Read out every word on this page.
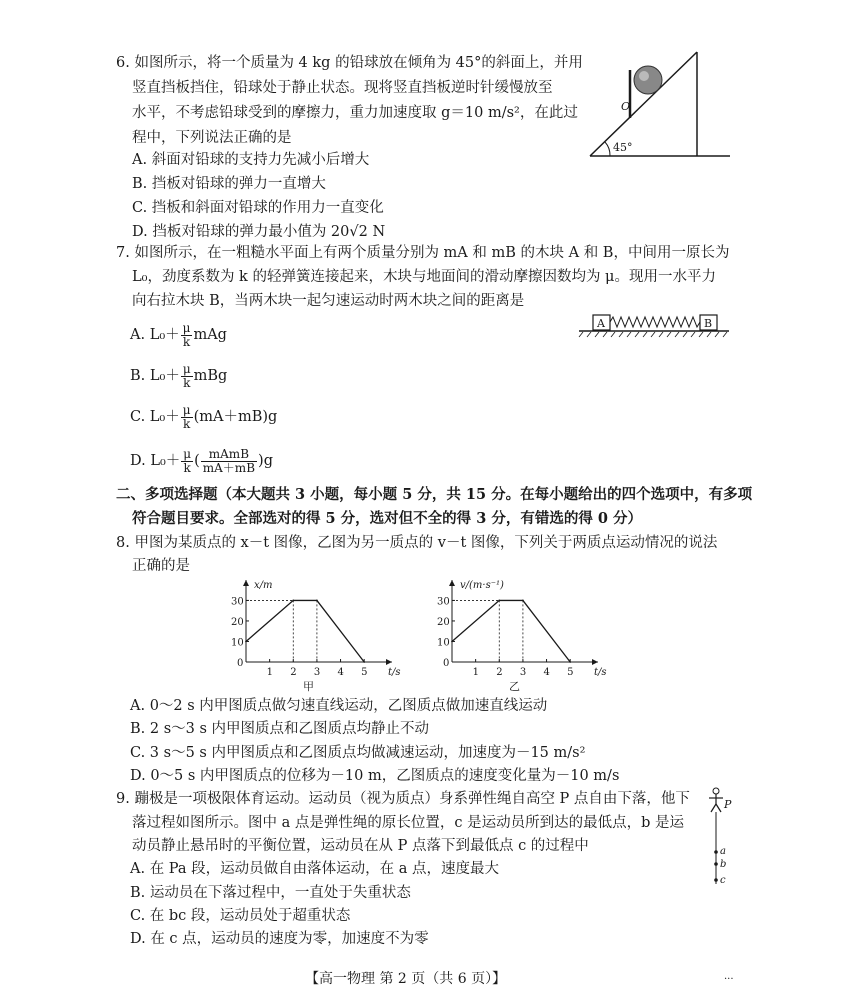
6. 如图所示，将一个质量为 4 kg 的铅球放在倾角为 45°的斜面上，并用
竖直挡板挡住，铅球处于静止状态。现将竖直挡板逆时针缓慢放至
水平，不考虑铅球受到的摩擦力，重力加速度取 g＝10 m/s²，在此过
程中，下列说法正确的是
A. 斜面对铅球的支持力先减小后增大
B. 挡板对铅球的弹力一直增大
C. 挡板和斜面对铅球的作用力一直变化
D. 挡板对铅球的弹力最小值为 20√2 N
45°
O
7. 如图所示，在一粗糙水平面上有两个质量分别为 mA 和 mB 的木块 A 和 B，中间用一原长为
L₀，劲度系数为 k 的轻弹簧连接起来，木块与地面间的滑动摩擦因数均为 μ。现用一水平力
向右拉木块 B，当两木块一起匀速运动时两木块之间的距离是
A. $L_0+ \frac{\mu}{k}$ mAg
B. $L_0+ \frac{\mu}{k}$ mBg
C. $L_0+ \frac{\mu}{k} (mA+mB)g$
D. $L_0+ \frac{\mu}{k}$ ( $\frac{\text{mAmB}}{mA+mB} )g$
A	B
二、多项选择题（本大题共 3 小题，每小题 5 分，共 15 分。在每小题给出的四个选项中，有多项
符合题目要求。全部选对的得 5 分，选对但不全的得 3 分，有错选的得 0 分）
8. 甲图为某质点的 x－t 图像，乙图为另一质点的 v－t 图像，下列关于两质点运动情况的说法
正确的是
x/m
t/s
1 2 3 4 5
0
10
20
30
甲
v/(m·s⁻¹)
t/s
1 2 3 4 5
0
10
20
30
乙
A. 0～2 s 内甲图质点做匀速直线运动，乙图质点做加速直线运动
B. 2 s～3 s 内甲图质点和乙图质点均静止不动
C. 3 s～5 s 内甲图质点和乙图质点均做减速运动，加速度为－15 m/s²
D. 0～5 s 内甲图质点的位移为－10 m，乙图质点的速度变化量为－10 m/s
9. 蹦极是一项极限体育运动。运动员（视为质点）身系弹性绳自高空 P 点自由下落，他下
落过程如图所示。图中 a 点是弹性绳的原长位置，c 是运动员所到达的最低点，b 是运
动员静止悬吊时的平衡位置，运动员在从 P 点落下到最低点 c 的过程中
A. 在 Pa 段，运动员做自由落体运动，在 a 点，速度最大
B. 运动员在下落过程中，一直处于失重状态
C. 在 bc 段，运动员处于超重状态
D. 在 c 点，运动员的速度为零，加速度不为零
P
a
b
c
【高一物理 第 2 页（共 6 页）】	...
